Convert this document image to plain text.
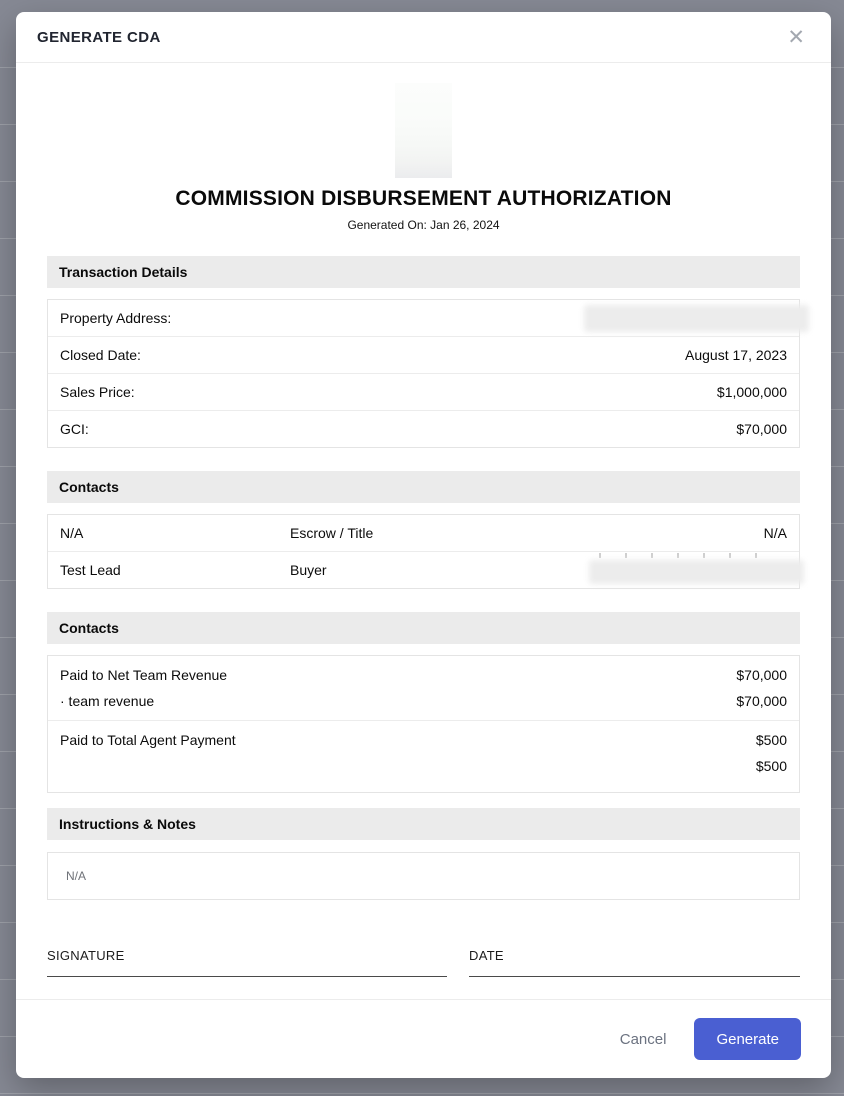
GENERATE CDA	✕
COMMISSION DISBURSEMENT AUTHORIZATION
Generated On: Jan 26, 2024
Transaction Details
Property Address:
Closed Date:	August 17, 2023
Sales Price:	$1,000,000
GCI:	$70,000
Contacts
N/A	Escrow / Title	N/A
Test Lead	Buyer
Contacts
Paid to Net Team Revenue	$70,000
· team revenue	$70,000
Paid to Total Agent Payment	$500
$500
Instructions & Notes
N/A
SIGNATURE	DATE
Cancel	Generate
